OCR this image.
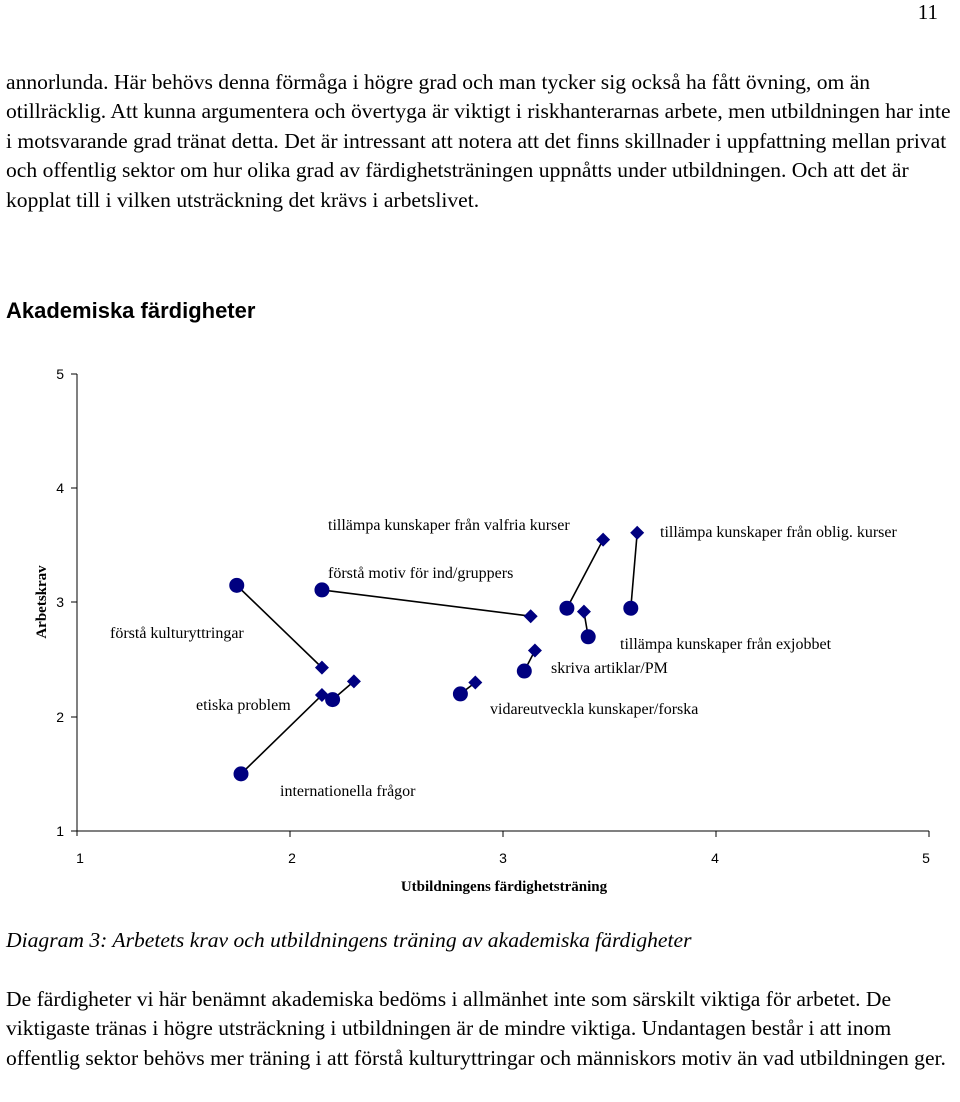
11

annorlunda. Här behövs denna förmåga i högre grad och man tycker sig också ha fått övning, om än otillräcklig. Att kunna argumentera och övertyga är viktigt i riskhanterarnas arbete, men utbildningen har inte i motsvarande grad tränat detta. Det är intressant att notera att det finns skillnader i uppfattning mellan privat och offentlig sektor om hur olika grad av färdighetsträningen uppnåtts under utbildningen. Och att det är kopplat till i vilken utsträckning det krävs i arbetslivet.

Akademiska färdigheter
5
4
3
2
1
Arbetskrav
1	2	3	4	5
Utbildningens färdighetsträning
förstå kulturyttringar
internationella frågor
etiska problem
förstå motiv för ind/gruppers
skriva artiklar/PM
vidareutveckla kunskaper/forska
tillämpa kunskaper från valfria kurser
tillämpa kunskaper från exjobbet
tillämpa kunskaper från oblig. kurser

Diagram 3: Arbetets krav och utbildningens träning av akademiska färdigheter

De färdigheter vi här benämnt akademiska bedöms i allmänhet inte som särskilt viktiga för arbetet. De viktigaste tränas i högre utsträckning i utbildningen är de mindre viktiga. Undantagen består i att inom offentlig sektor behövs mer träning i att förstå kulturyttringar och människors motiv än vad utbildningen ger.
